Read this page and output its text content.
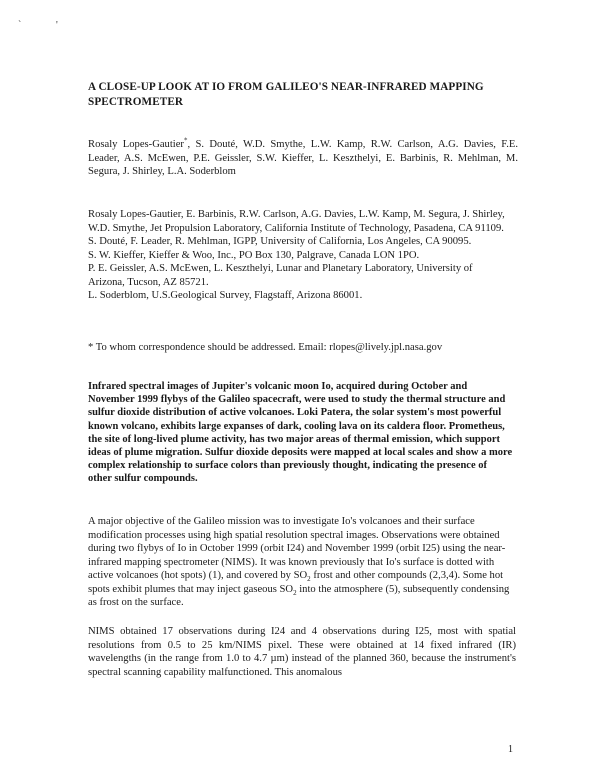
`	'
A CLOSE-UP LOOK AT IO FROM GALILEO'S NEAR-INFRARED MAPPING SPECTROMETER
Rosaly Lopes-Gautier*, S. Douté, W.D. Smythe, L.W. Kamp, R.W. Carlson, A.G. Davies, F.E. Leader, A.S. McEwen, P.E. Geissler, S.W. Kieffer, L. Keszthelyi, E. Barbinis, R. Mehlman, M. Segura, J. Shirley, L.A. Soderblom

Rosaly Lopes-Gautier, E. Barbinis, R.W. Carlson, A.G. Davies, L.W. Kamp, M. Segura, J. Shirley, W.D. Smythe, Jet Propulsion Laboratory, California Institute of Technology, Pasadena, CA 91109.

S. Douté, F. Leader, R. Mehlman, IGPP, University of California, Los Angeles, CA 90095.

S. W. Kieffer, Kieffer & Woo, Inc., PO Box 130, Palgrave, Canada LON 1PO.

P. E. Geissler, A.S. McEwen, L. Keszthelyi, Lunar and Planetary Laboratory, University of Arizona, Tucson, AZ 85721.

L. Soderblom, U.S.Geological Survey, Flagstaff, Arizona 86001.

* To whom correspondence should be addressed. Email: rlopes@lively.jpl.nasa.gov
Infrared spectral images of Jupiter's volcanic moon Io, acquired during October and November 1999 flybys of the Galileo spacecraft, were used to study the thermal structure and sulfur dioxide distribution of active volcanoes. Loki Patera, the solar system's most powerful known volcano, exhibits large expanses of dark, cooling lava on its caldera floor. Prometheus, the site of long-lived plume activity, has two major areas of thermal emission, which support ideas of plume migration. Sulfur dioxide deposits were mapped at local scales and show a more complex relationship to surface colors than previously thought, indicating the presence of other sulfur compounds.
A major objective of the Galileo mission was to investigate Io's volcanoes and their surface modification processes using high spatial resolution spectral images. Observations were obtained during two flybys of Io in October 1999 (orbit I24) and November 1999 (orbit I25) using the near-infrared mapping spectrometer (NIMS). It was known previously that Io's surface is dotted with active volcanoes (hot spots) (1), and covered by $SO_2$ frost and other compounds (2,3,4). Some hot spots exhibit plumes that may inject gaseous $SO_2$ into the atmosphere (5), subsequently condensing as frost on the surface.
NIMS obtained 17 observations during I24 and 4 observations during I25, most with spatial resolutions from 0.5 to 25 km/NIMS pixel. These were obtained at 14 fixed infrared (IR) wavelengths (in the range from 1.0 to 4.7 µm) instead of the planned 360, because the instrument's spectral scanning capability malfunctioned. This anomalous
1
